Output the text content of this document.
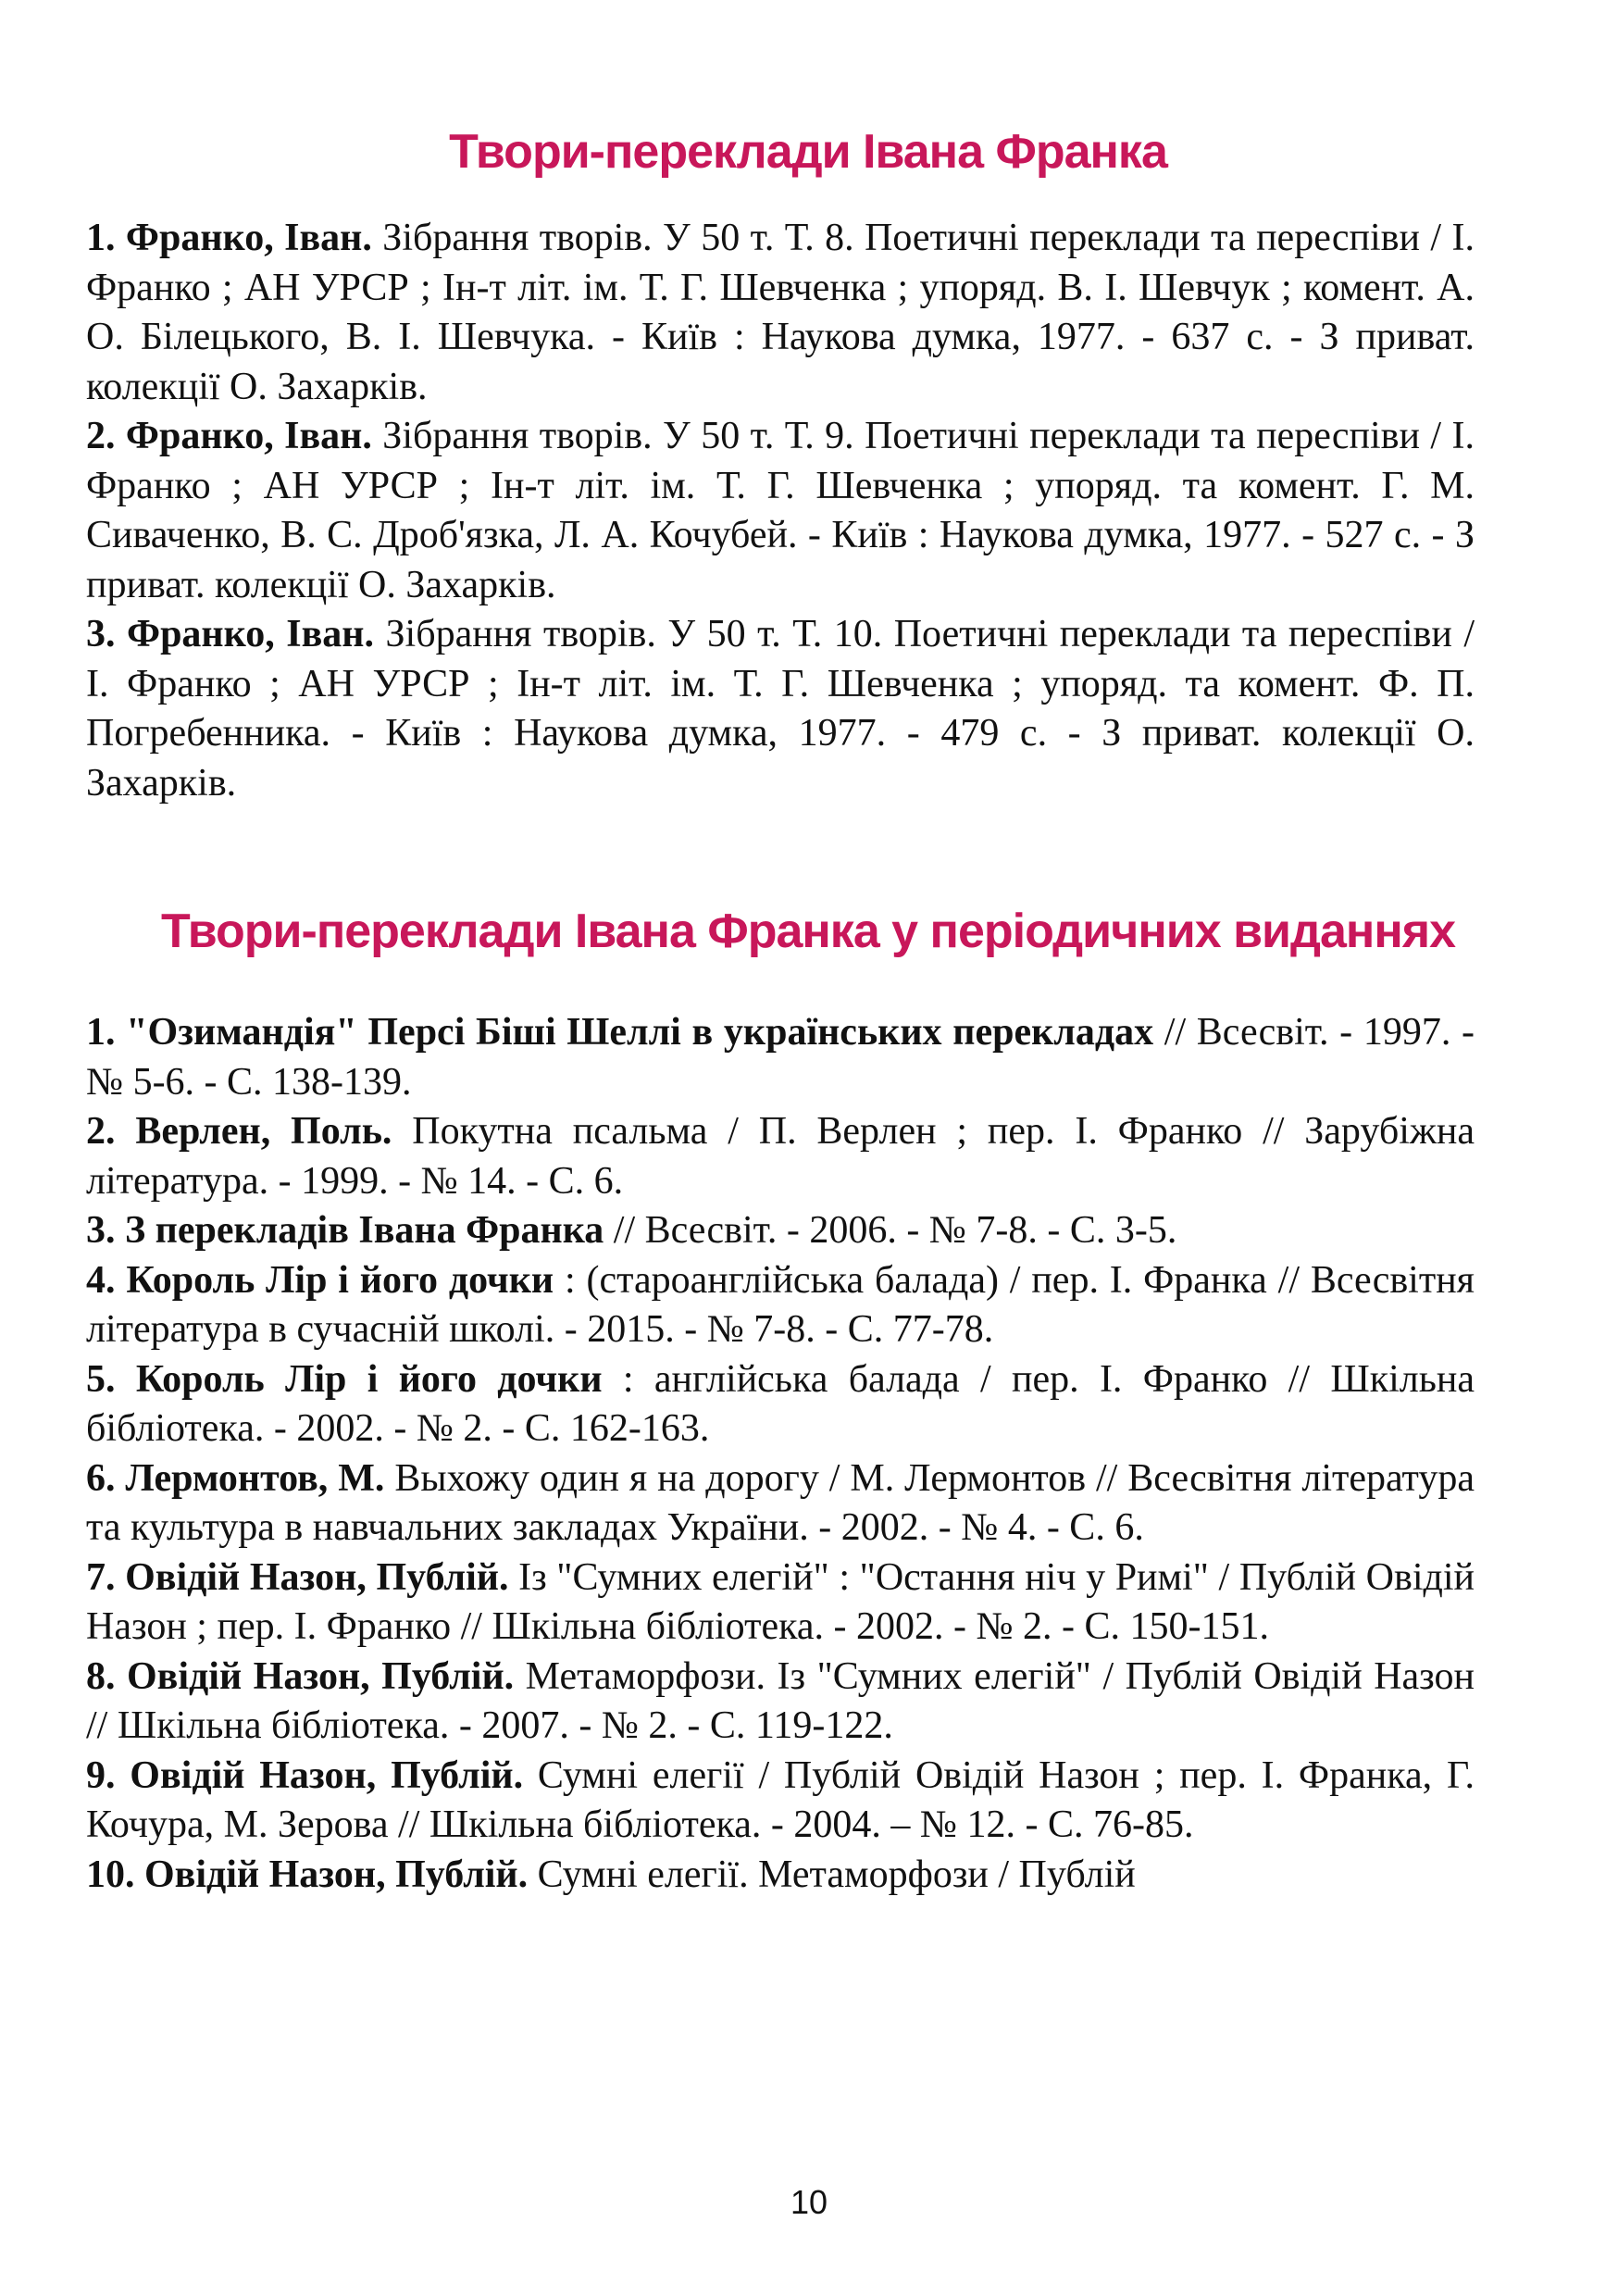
Твори-переклади Івана Франка
1. Франко, Іван. Зібрання творів. У 50 т. Т. 8. Поетичні переклади та переспіви / І. Франко ; АН УРСР ; Ін-т літ. ім. Т. Г. Шевченка ; упоряд. В. І. Шевчук ; комент. А. О. Білецького, В. І. Шевчука. - Київ : Наукова думка, 1977. - 637 с. - З приват. колекції О. Захарків.
2. Франко, Іван. Зібрання творів. У 50 т. Т. 9. Поетичні переклади та переспіви / І. Франко ; АН УРСР ; Ін-т літ. ім. Т. Г. Шевченка ; упоряд. та комент. Г. М. Сиваченко, В. С. Дроб'язка, Л. А. Кочубей. - Київ : Наукова думка, 1977. - 527 с. - З приват. колекції О. Захарків.
3. Франко, Іван. Зібрання творів. У 50 т. Т. 10. Поетичні переклади та переспіви / І. Франко ; АН УРСР ; Ін-т літ. ім. Т. Г. Шевченка ; упоряд. та комент. Ф. П. Погребенника. - Київ : Наукова думка, 1977. - 479 с. - З приват. колекції О. Захарків.
Твори-переклади Івана Франка у періодичних виданнях
1. "Озимандія" Персі Біші Шеллі в українських перекладах // Всесвіт. - 1997. - № 5-6. - С. 138-139.
2. Верлен, Поль. Покутна псальма / П. Верлен ; пер. І. Франко // Зарубіжна література. - 1999. - № 14. - С. 6.
3. З перекладів Івана Франка // Всесвіт. - 2006. - № 7-8. - С. 3-5.
4. Король Лір і його дочки : (староанглійська балада) / пер. І. Франка // Всесвітня література в сучасній школі. - 2015. - № 7-8. - С. 77-78.
5. Король Лір і його дочки : англійська балада / пер. І. Франко // Шкільна бібліотека. - 2002. - № 2. - С. 162-163.
6. Лермонтов, М. Выхожу один я на дорогу / М. Лермонтов // Всесвітня література та культура в навчальних закладах України. - 2002. - № 4. - С. 6.
7. Овідій Назон, Публій. Із "Сумних елегій" : "Остання ніч у Римі" / Публій Овідій Назон ; пер. І. Франко // Шкільна бібліотека. - 2002. - № 2. - С. 150-151.
8. Овідій Назон, Публій. Метаморфози. Із "Сумних елегій" / Публій Овідій Назон // Шкільна бібліотека. - 2007. - № 2. - С. 119-122.
9. Овідій Назон, Публій. Сумні елегії / Публій Овідій Назон ; пер. І. Франка, Г. Кочура, М. Зерова // Шкільна бібліотека. - 2004. – № 12. - С. 76-85.
10. Овідій Назон, Публій. Сумні елегії. Метаморфози / Публій
10
